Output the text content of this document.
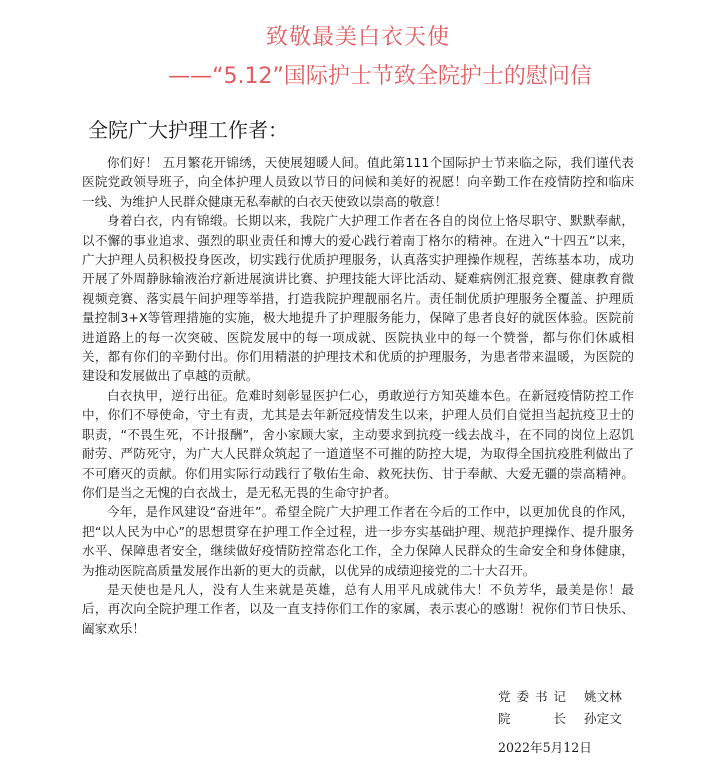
致敬最美白衣天使
——“5.12”国际护士节致全院护士的慰问信
全院广大护理工作者：

你们好！ 五月繁花开锦绣，天使展翅暖人间。值此第111个国际护士节来临之际，我们谨代表医院党政领导班子，向全体护理人员致以节日的问候和美好的祝愿！向辛勤工作在疫情防控和临床一线、为维护人民群众健康无私奉献的白衣天使致以崇高的敬意！

身着白衣，内有锦缎。长期以来，我院广大护理工作者在各自的岗位上恪尽职守、默默奉献，以不懈的事业追求、强烈的职业责任和博大的爱心践行着南丁格尔的精神。在进入“十四五”以来，广大护理人员积极投身医改，切实践行优质护理服务，认真落实护理操作规程，苦练基本功，成功开展了外周静脉输液治疗新进展演讲比赛、护理技能大评比活动、疑难病例汇报竞赛、健康教育微视频竞赛、落实晨午间护理等举措，打造我院护理靓丽名片。责任制优质护理服务全覆盖、护理质量控制3+X等管理措施的实施，极大地提升了护理服务能力，保障了患者良好的就医体验。医院前进道路上的每一次突破、医院发展中的每一项成就、医院执业中的每一个赞誉，都与你们休戚相关，都有你们的辛勤付出。你们用精湛的护理技术和优质的护理服务，为患者带来温暖，为医院的建设和发展做出了卓越的贡献。

白衣执甲，逆行出征。危难时刻彰显医护仁心，勇敢逆行方知英雄本色。在新冠疫情防控工作中，你们不辱使命，守土有责，尤其是去年新冠疫情发生以来，护理人员们自觉担当起抗疫卫士的职责，“不畏生死，不计报酬”，舍小家顾大家，主动要求到抗疫一线去战斗，在不同的岗位上忍饥耐劳、严防死守，为广大人民群众筑起了一道道坚不可摧的防控大堤，为取得全国抗疫胜利做出了不可磨灭的贡献。你们用实际行动践行了敬佑生命、救死扶伤、甘于奉献、大爱无疆的崇高精神。你们是当之无愧的白衣战士，是无私无畏的生命守护者。

今年，是作风建设“奋进年”。希望全院广大护理工作者在今后的工作中，以更加优良的作风，把“以人民为中心”的思想贯穿在护理工作全过程，进一步夯实基础护理、规范护理操作、提升服务水平、保障患者安全，继续做好疫情防控常态化工作，全力保障人民群众的生命安全和身体健康，为推动医院高质量发展作出新的更大的贡献，以优异的成绩迎接党的二十大召开。

是天使也是凡人，没有人生来就是英雄，总有人用平凡成就伟大！不负芳华，最美是你！最后，再次向全院护理工作者，以及一直支持你们工作的家属，表示衷心的感谢！祝你们节日快乐、阖家欢乐！

党委书记 姚文林
院 长 孙定文
2022年5月12日
